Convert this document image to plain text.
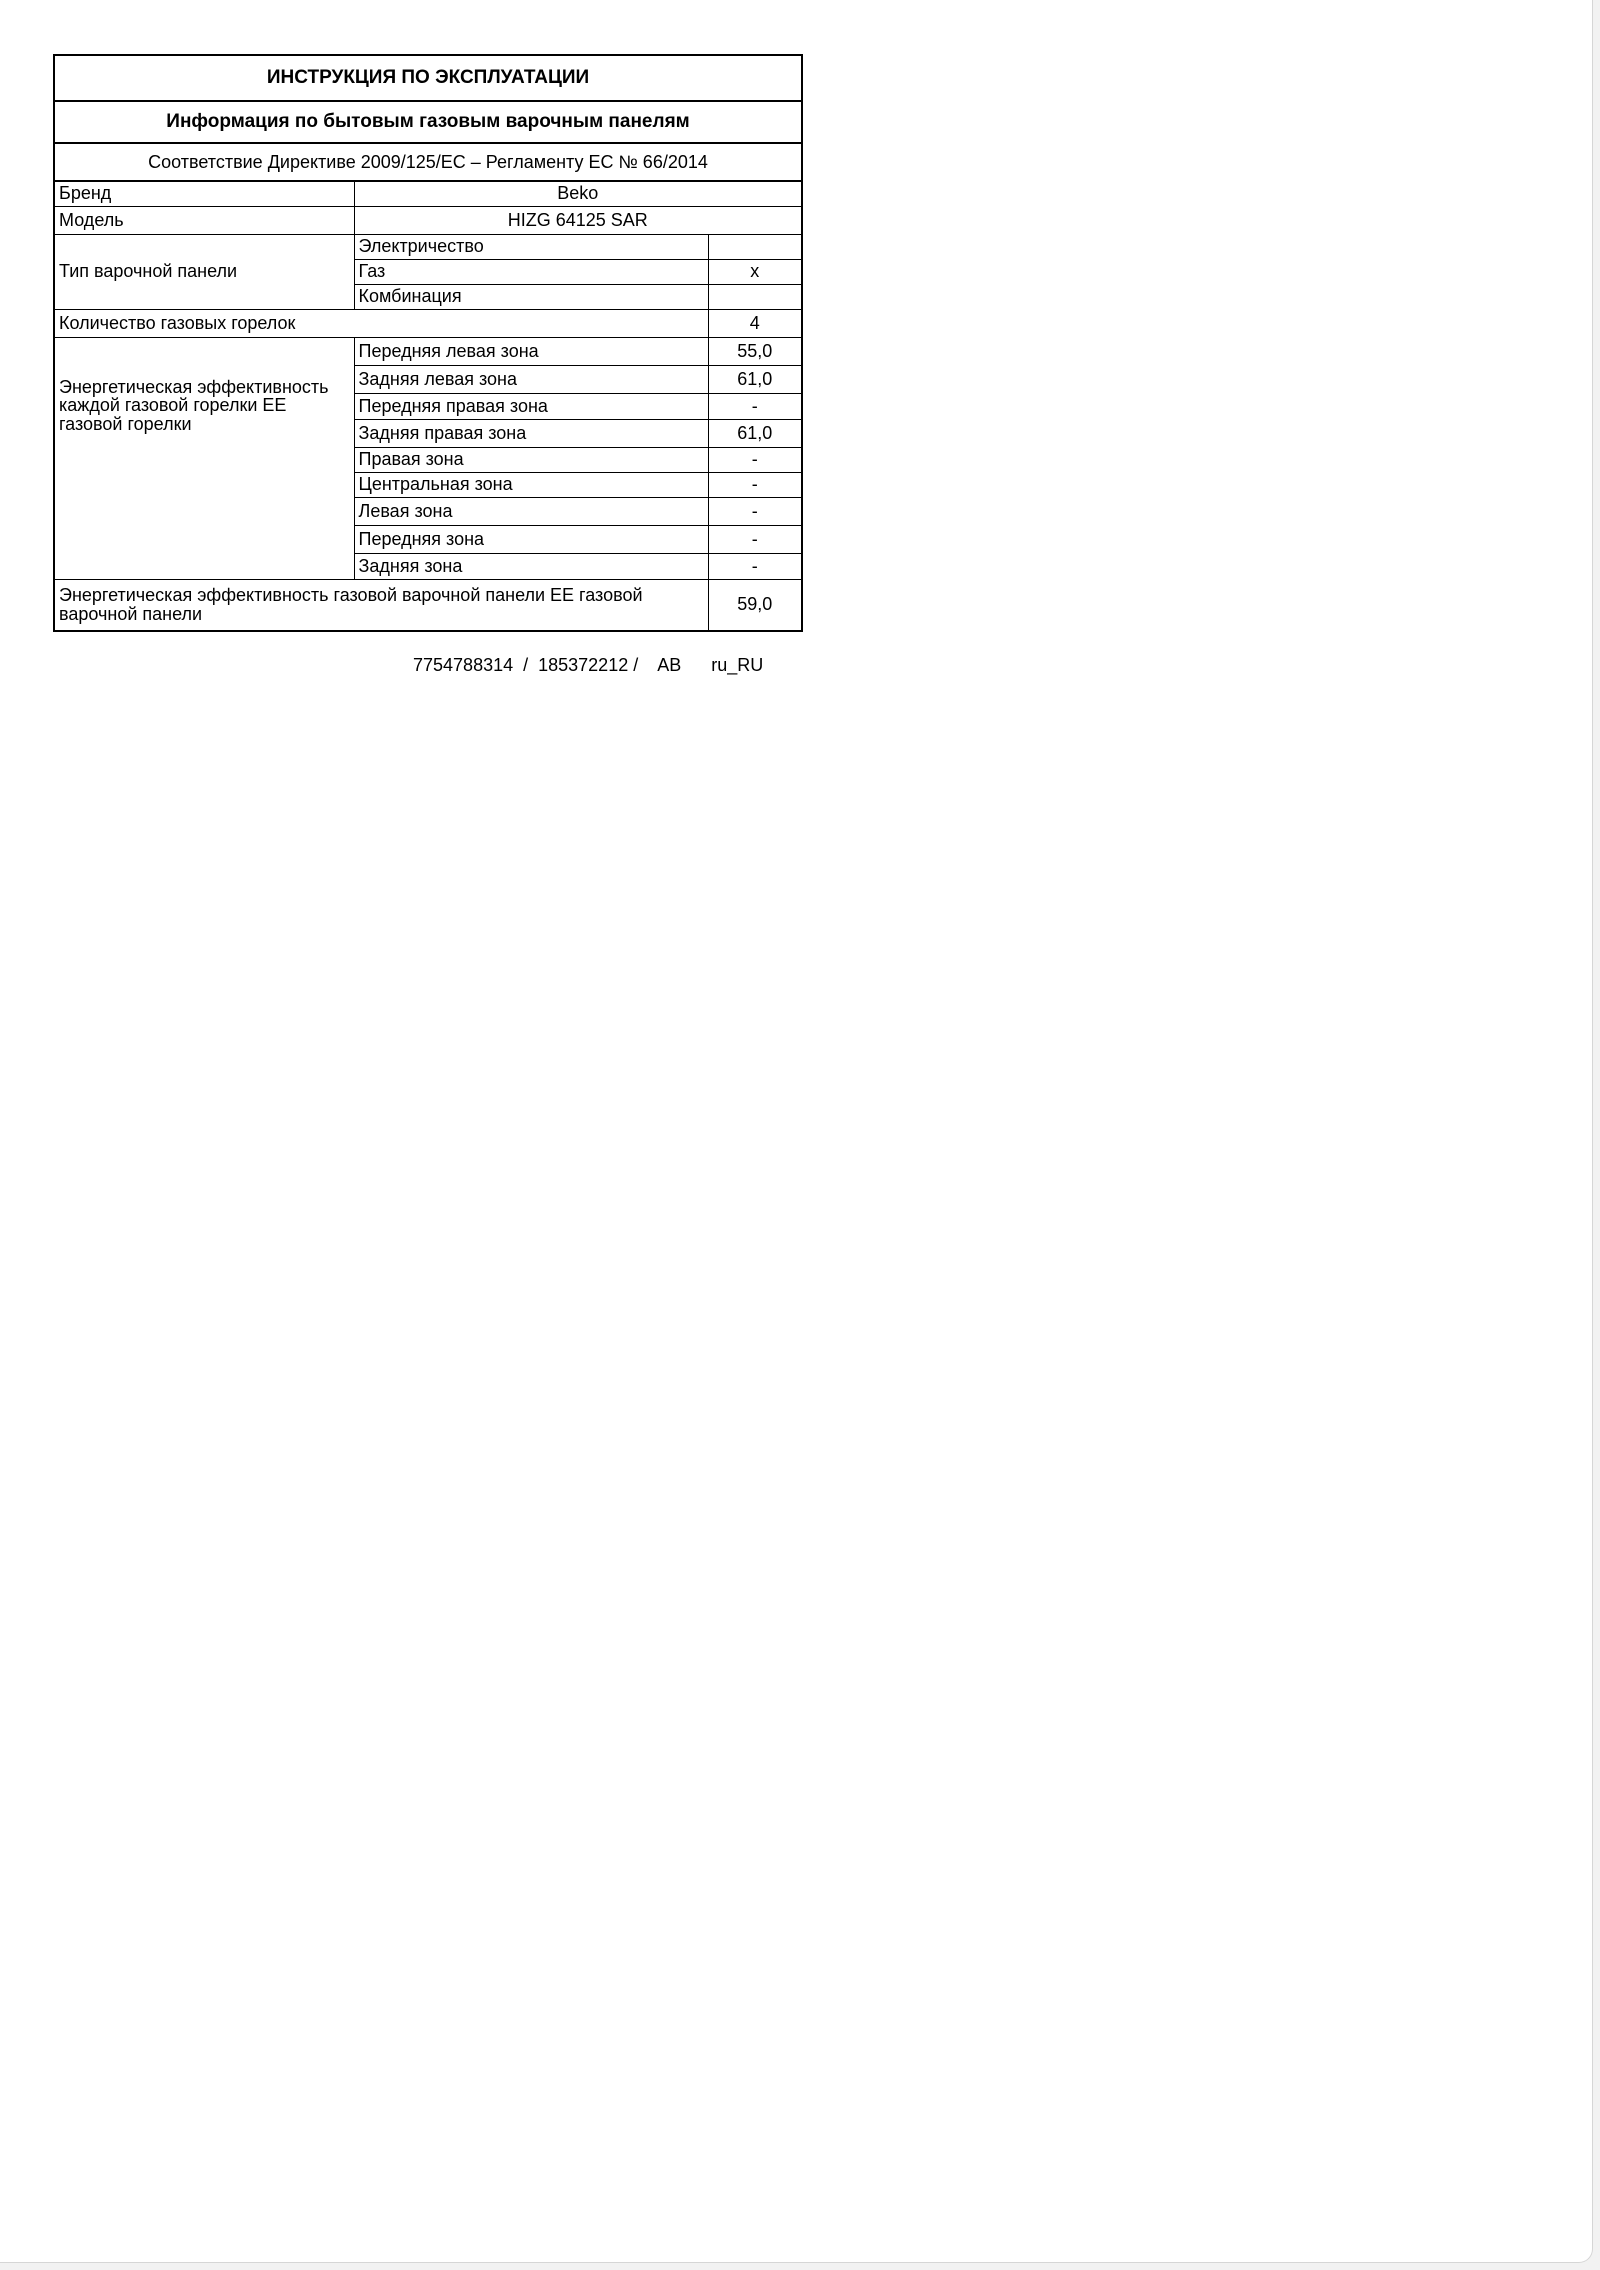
ИНСТРУКЦИЯ ПО ЭКСПЛУАТАЦИИ		
Информация по бытовым газовым варочным панелям		
Соответствие Директиве 2009/125/EC – Регламенту ЕС № 66/2014		
Бренд	Beko	
Модель	HIZG 64125 SAR	
Тип варочной панели	Электричество	
	Газ	x
	Комбинация	
Количество газовых горелок		4
Энергетическая эффективность каждой газовой горелки EE газовой горелки	Передняя левая зона	55,0
	Задняя левая зона	61,0
	Передняя правая зона	-
	Задняя правая зона	61,0
	Правая зона	-
	Центральная зона	-
	Левая зона	-
	Передняя зона	-
	Задняя зона	-
Энергетическая эффективность газовой варочной панели EE газовой варочной панели		59,0
7754788314  /  185372212 /    AB      ru_RU
